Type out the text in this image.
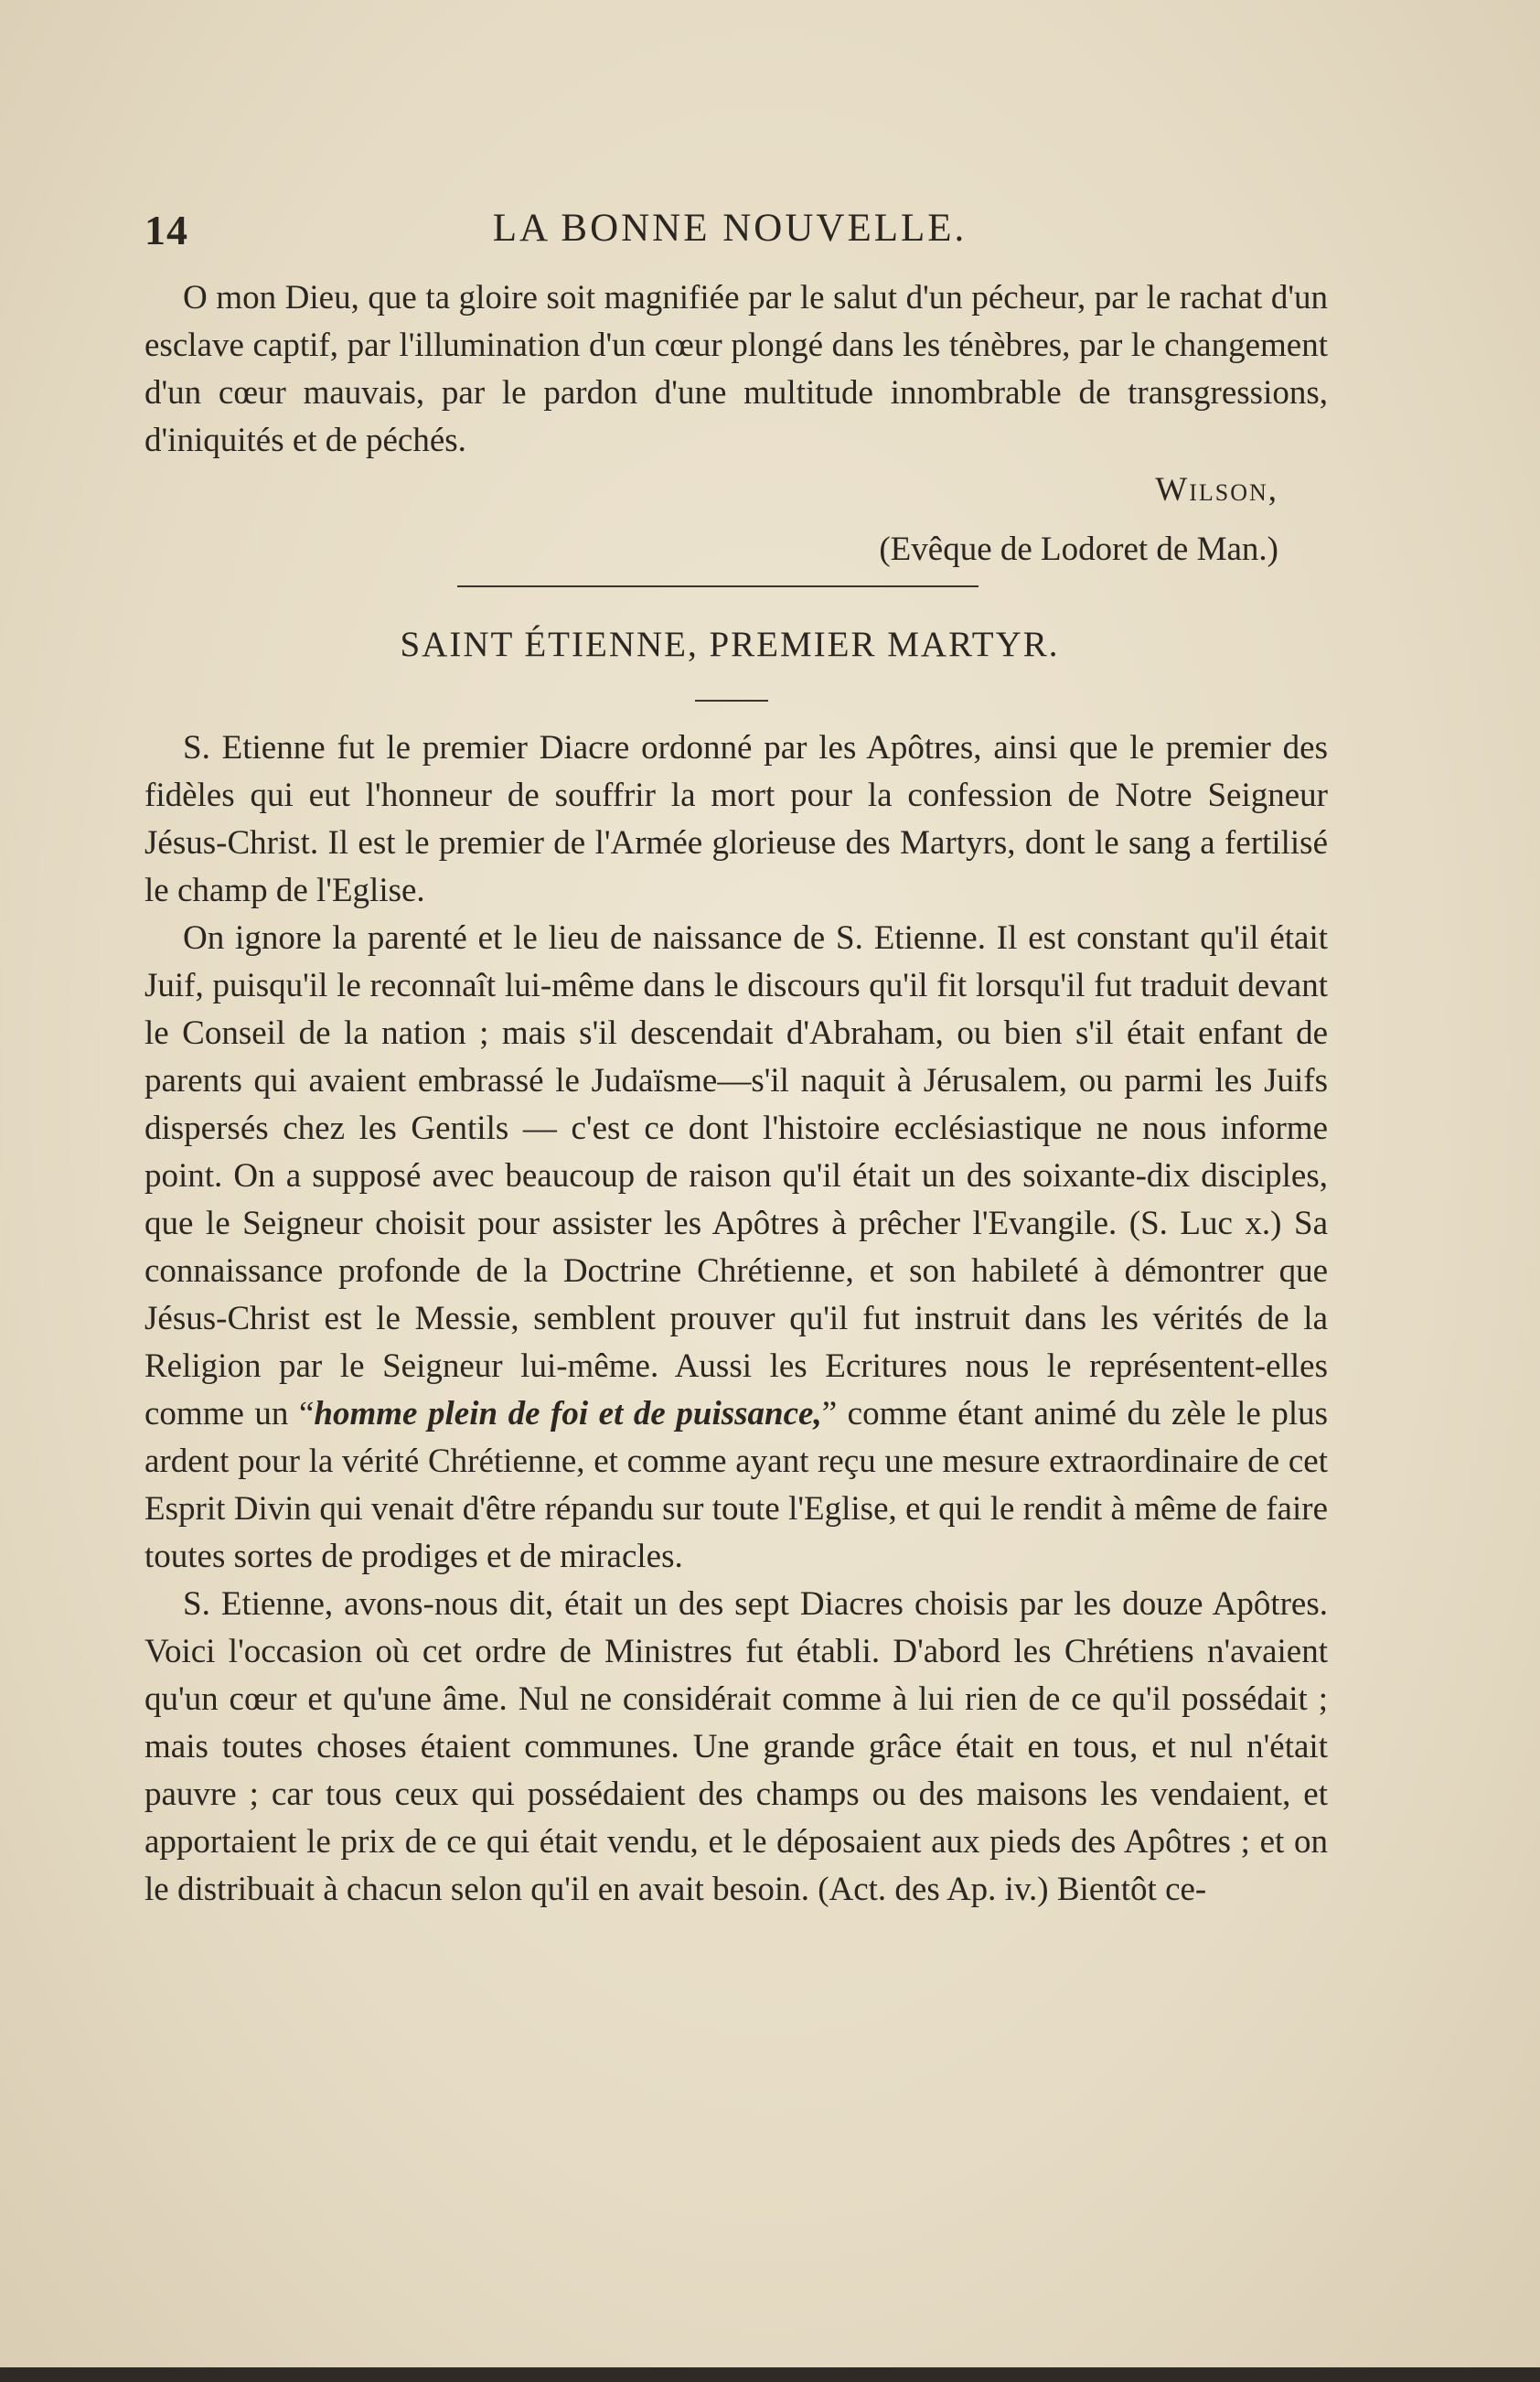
14	LA BONNE NOUVELLE.

O mon Dieu, que ta gloire soit magnifiée par le salut d'un pécheur, par le rachat d'un esclave captif, par l'illumination d'un cœur plongé dans les ténèbres, par le changement d'un cœur mauvais, par le pardon d'une multitude innombrable de transgressions, d'iniquités et de péchés.

Wilson,
(Evêque de Lodoret de Man.)
SAINT ÉTIENNE, PREMIER MARTYR.

S. Etienne fut le premier Diacre ordonné par les Apôtres, ainsi que le premier des fidèles qui eut l'honneur de souffrir la mort pour la confession de Notre Seigneur Jésus-Christ. Il est le premier de l'Armée glorieuse des Martyrs, dont le sang a fertilisé le champ de l'Eglise.

On ignore la parenté et le lieu de naissance de S. Etienne. Il est constant qu'il était Juif, puisqu'il le reconnaît lui-même dans le discours qu'il fit lorsqu'il fut traduit devant le Conseil de la nation ; mais s'il descendait d'Abraham, ou bien s'il était enfant de parents qui avaient embrassé le Judaïsme—s'il naquit à Jérusalem, ou parmi les Juifs dispersés chez les Gentils — c'est ce dont l'histoire ecclésiastique ne nous informe point. On a supposé avec beaucoup de raison qu'il était un des soixante-dix disciples, que le Seigneur choisit pour assister les Apôtres à prêcher l'Evangile. (S. Luc x.) Sa connaissance profonde de la Doctrine Chrétienne, et son habileté à démontrer que Jésus-Christ est le Messie, semblent prouver qu'il fut instruit dans les vérités de la Religion par le Seigneur lui-même. Aussi les Ecritures nous le représentent-elles comme un “homme plein de foi et de puissance,” comme étant animé du zèle le plus ardent pour la vérité Chrétienne, et comme ayant reçu une mesure extraordinaire de cet Esprit Divin qui venait d'être répandu sur toute l'Eglise, et qui le rendit à même de faire toutes sortes de prodiges et de miracles.

S. Etienne, avons-nous dit, était un des sept Diacres choisis par les douze Apôtres. Voici l'occasion où cet ordre de Ministres fut établi. D'abord les Chrétiens n'avaient qu'un cœur et qu'une âme. Nul ne considérait comme à lui rien de ce qu'il possédait ; mais toutes choses étaient communes. Une grande grâce était en tous, et nul n'était pauvre ; car tous ceux qui possédaient des champs ou des maisons les vendaient, et apportaient le prix de ce qui était vendu, et le déposaient aux pieds des Apôtres ; et on le distribuait à chacun selon qu'il en avait besoin. (Act. des Ap. iv.) Bientôt ce-
